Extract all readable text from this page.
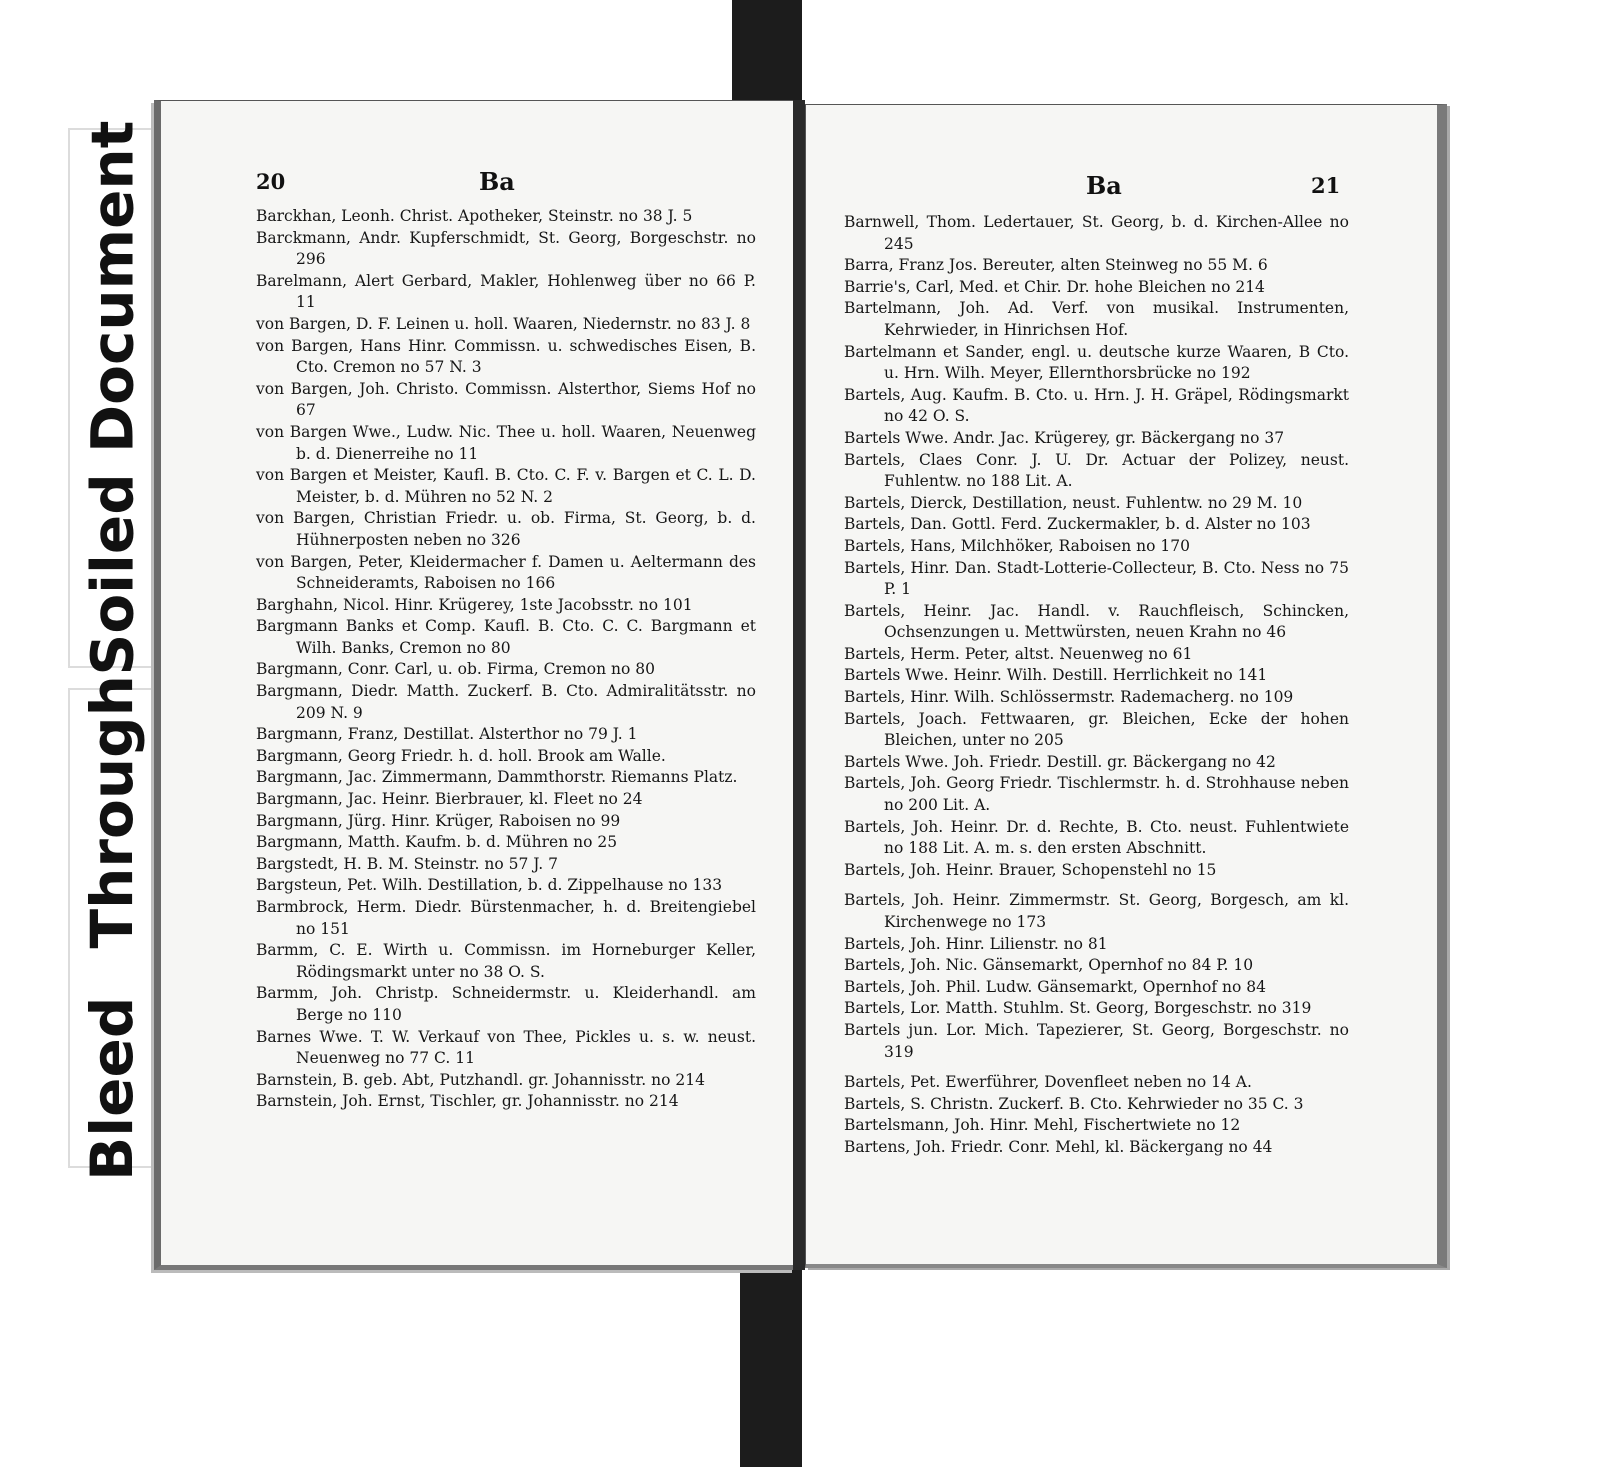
Soiled Document
Bleed Through
20	Ba

Barckhan, Leonh. Christ. Apotheker, Steinstr. no 38 J. 5

Barckmann, Andr. Kupferschmidt, St. Georg, Borgeschstr. no 296

Barelmann, Alert Gerbard, Makler, Hohlenweg über no 66 P. 11

von Bargen, D. F. Leinen u. holl. Waaren, Niedernstr. no 83 J. 8

von Bargen, Hans Hinr. Commissn. u. schwedisches Eisen, B. Cto. Cremon no 57 N. 3

von Bargen, Joh. Christo. Commissn. Alsterthor, Siems Hof no 67

von Bargen Wwe., Ludw. Nic. Thee u. holl. Waaren, Neuenweg b. d. Dienerreihe no 11

von Bargen et Meister, Kaufl. B. Cto. C. F. v. Bargen et C. L. D. Meister, b. d. Mühren no 52 N. 2

von Bargen, Christian Friedr. u. ob. Firma, St. Georg, b. d. Hühnerposten neben no 326

von Bargen, Peter, Kleidermacher f. Damen u. Aeltermann des Schneideramts, Raboisen no 166

Barghahn, Nicol. Hinr. Krügerey, 1ste Jacobsstr. no 101

Bargmann Banks et Comp. Kaufl. B. Cto. C. C. Bargmann et Wilh. Banks, Cremon no 80

Bargmann, Conr. Carl, u. ob. Firma, Cremon no 80

Bargmann, Diedr. Matth. Zuckerf. B. Cto. Admiralitätsstr. no 209 N. 9

Bargmann, Franz, Destillat. Alsterthor no 79 J. 1

Bargmann, Georg Friedr. h. d. holl. Brook am Walle.

Bargmann, Jac. Zimmermann, Dammthorstr. Riemanns Platz.

Bargmann, Jac. Heinr. Bierbrauer, kl. Fleet no 24

Bargmann, Jürg. Hinr. Krüger, Raboisen no 99

Bargmann, Matth. Kaufm. b. d. Mühren no 25

Bargstedt, H. B. M. Steinstr. no 57 J. 7

Bargsteun, Pet. Wilh. Destillation, b. d. Zippelhause no 133

Barmbrock, Herm. Diedr. Bürstenmacher, h. d. Breitengiebel no 151

Barmm, C. E. Wirth u. Commissn. im Horneburger Keller, Rödingsmarkt unter no 38 O. S.

Barmm, Joh. Christp. Schneidermstr. u. Kleiderhandl. am Berge no 110

Barnes Wwe. T. W. Verkauf von Thee, Pickles u. s. w. neust. Neuenweg no 77 C. 11

Barnstein, B. geb. Abt, Putzhandl. gr. Johannisstr. no 214

Barnstein, Joh. Ernst, Tischler, gr. Johannisstr. no 214

Ba	21

Barnwell, Thom. Ledertauer, St. Georg, b. d. Kirchen-Allee no 245

Barra, Franz Jos. Bereuter, alten Steinweg no 55 M. 6

Barrie's, Carl, Med. et Chir. Dr. hohe Bleichen no 214

Bartelmann, Joh. Ad. Verf. von musikal. Instrumenten, Kehrwieder, in Hinrichsen Hof.

Bartelmann et Sander, engl. u. deutsche kurze Waaren, B Cto. u. Hrn. Wilh. Meyer, Ellernthorsbrücke no 192

Bartels, Aug. Kaufm. B. Cto. u. Hrn. J. H. Gräpel, Rödingsmarkt no 42 O. S.

Bartels Wwe. Andr. Jac. Krügerey, gr. Bäckergang no 37

Bartels, Claes Conr. J. U. Dr. Actuar der Polizey, neust. Fuhlentw. no 188 Lit. A.

Bartels, Dierck, Destillation, neust. Fuhlentw. no 29 M. 10

Bartels, Dan. Gottl. Ferd. Zuckermakler, b. d. Alster no 103

Bartels, Hans, Milchhöker, Raboisen no 170

Bartels, Hinr. Dan. Stadt-Lotterie-Collecteur, B. Cto. Ness no 75 P. 1

Bartels, Heinr. Jac. Handl. v. Rauchfleisch, Schincken, Ochsenzungen u. Mettwürsten, neuen Krahn no 46

Bartels, Herm. Peter, altst. Neuenweg no 61

Bartels Wwe. Heinr. Wilh. Destill. Herrlichkeit no 141

Bartels, Hinr. Wilh. Schlössermstr. Rademacherg. no 109

Bartels, Joach. Fettwaaren, gr. Bleichen, Ecke der hohen Bleichen, unter no 205

Bartels Wwe. Joh. Friedr. Destill. gr. Bäckergang no 42

Bartels, Joh. Georg Friedr. Tischlermstr. h. d. Strohhause neben no 200 Lit. A.

Bartels, Joh. Heinr. Dr. d. Rechte, B. Cto. neust. Fuhlentwiete no 188 Lit. A. m. s. den ersten Abschnitt.

Bartels, Joh. Heinr. Brauer, Schopenstehl no 15

Bartels, Joh. Heinr. Zimmermstr. St. Georg, Borgesch, am kl. Kirchenwege no 173

Bartels, Joh. Hinr. Lilienstr. no 81

Bartels, Joh. Nic. Gänsemarkt, Opernhof no 84 P. 10

Bartels, Joh. Phil. Ludw. Gänsemarkt, Opernhof no 84

Bartels, Lor. Matth. Stuhlm. St. Georg, Borgeschstr. no 319

Bartels jun. Lor. Mich. Tapezierer, St. Georg, Borgeschstr. no 319

Bartels, Pet. Ewerführer, Dovenfleet neben no 14 A.

Bartels, S. Christn. Zuckerf. B. Cto. Kehrwieder no 35 C. 3

Bartelsmann, Joh. Hinr. Mehl, Fischertwiete no 12

Bartens, Joh. Friedr. Conr. Mehl, kl. Bäckergang no 44
